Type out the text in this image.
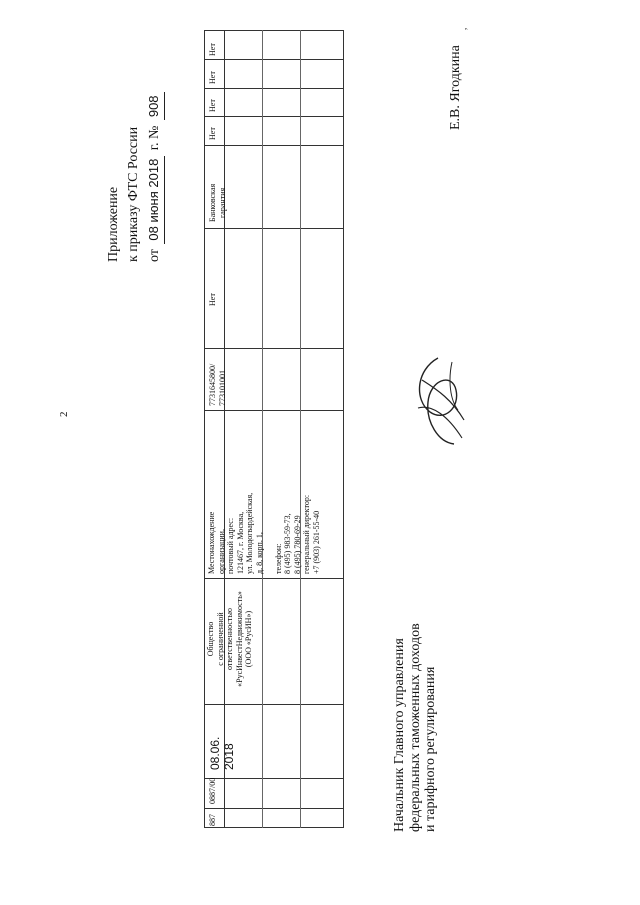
2
Приложение к приказу ФТС России от 08 июня 2018 г. № 908
887
0887/00
08.06. 2018
Общество с ограниченной ответственностью «РусИнвестНедвижимость» (ООО «РусИН»)
Местонахождение организации, почтовый адрес: 121467, г. Москва, ул. Молодогвардейская, д. 8, корп. 1,
телефон: 8 (495) 983-59-73, 8 (495) 780-69-29 генеральный директор: +7 (903) 261-55-40
7731645800/ 773101001
Нет
Банковская гарантия
Нет
Нет
Нет
Нет
Начальник Главного управления федеральных таможенных доходов и тарифного регулирования
Е.В. Ягодкина
,
